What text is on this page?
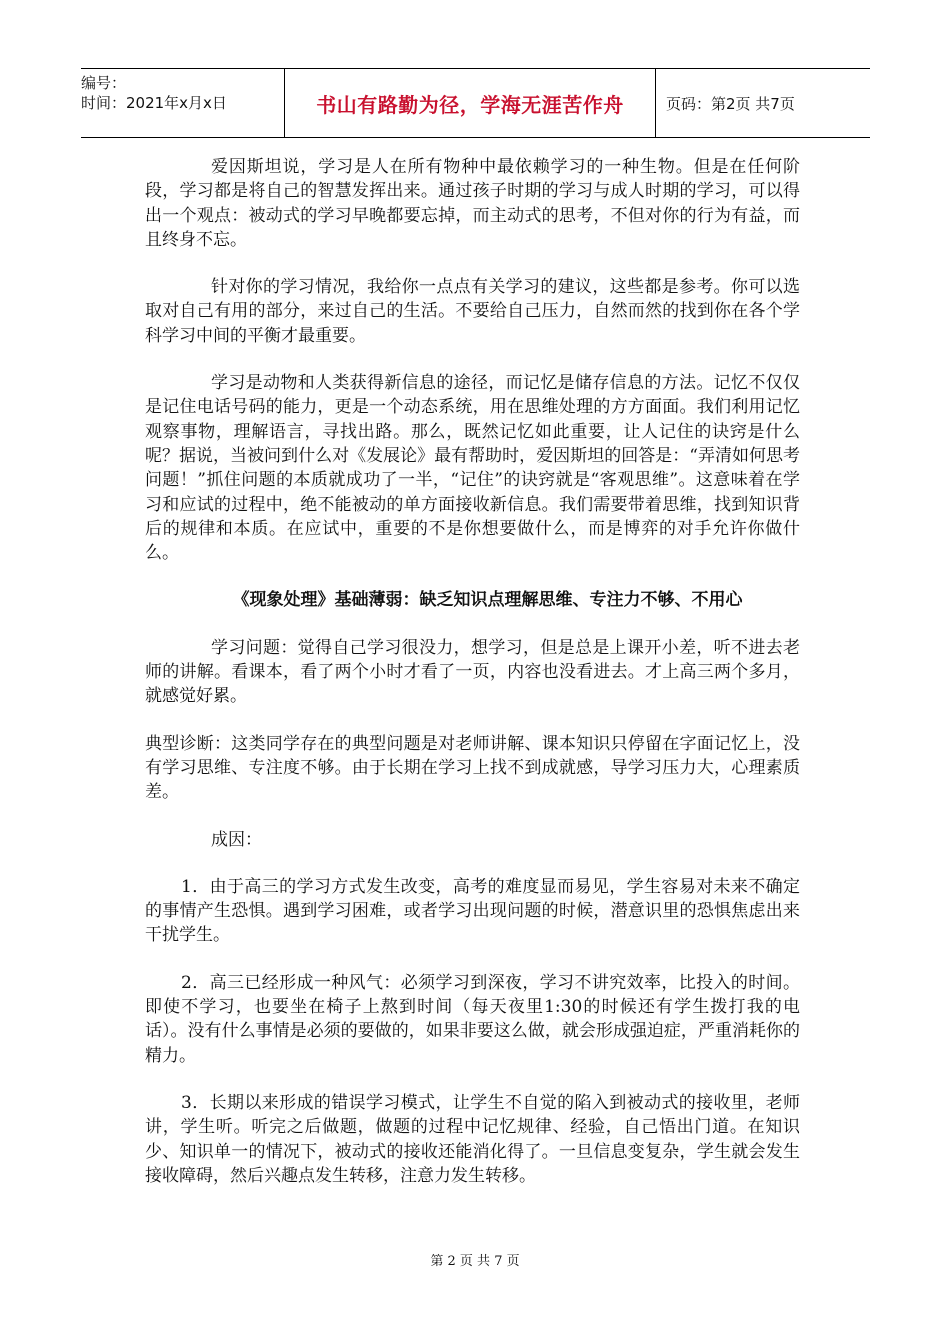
编号：
时间：2021年x月x日	书山有路勤为径，学海无涯苦作舟	页码：第2页 共7页

爱因斯坦说，学习是人在所有物种中最依赖学习的一种生物。但是在任何阶段，学习都是将自己的智慧发挥出来。通过孩子时期的学习与成人时期的学习，可以得出一个观点：被动式的学习早晚都要忘掉，而主动式的思考，不但对你的行为有益，而且终身不忘。

针对你的学习情况，我给你一点点有关学习的建议，这些都是参考。你可以选取对自己有用的部分，来过自己的生活。不要给自己压力，自然而然的找到你在各个学科学习中间的平衡才最重要。

学习是动物和人类获得新信息的途径，而记忆是储存信息的方法。记忆不仅仅是记住电话号码的能力，更是一个动态系统，用在思维处理的方方面面。我们利用记忆观察事物，理解语言，寻找出路。那么，既然记忆如此重要，让人记住的诀窍是什么呢？据说，当被问到什么对《发展论》最有帮助时，爱因斯坦的回答是：“弄清如何思考问题！”抓住问题的本质就成功了一半，“记住”的诀窍就是“客观思维”。这意味着在学习和应试的过程中，绝不能被动的单方面接收新信息。我们需要带着思维，找到知识背后的规律和本质。在应试中，重要的不是你想要做什么，而是博弈的对手允许你做什么。

《现象处理》基础薄弱：缺乏知识点理解思维、专注力不够、不用心

学习问题：觉得自己学习很没力，想学习，但是总是上课开小差，听不进去老师的讲解。看课本，看了两个小时才看了一页，内容也没看进去。才上高三两个多月，就感觉好累。

典型诊断：这类同学存在的典型问题是对老师讲解、课本知识只停留在字面记忆上，没有学习思维、专注度不够。由于长期在学习上找不到成就感，导学习压力大，心理素质差。

成因：

1．由于高三的学习方式发生改变，高考的难度显而易见，学生容易对未来不确定的事情产生恐惧。遇到学习困难，或者学习出现问题的时候，潜意识里的恐惧焦虑出来干扰学生。

2．高三已经形成一种风气：必须学习到深夜，学习不讲究效率，比投入的时间。即使不学习，也要坐在椅子上熬到时间（每天夜里1:30的时候还有学生拨打我的电话）。没有什么事情是必须的要做的，如果非要这么做，就会形成强迫症，严重消耗你的精力。

3．长期以来形成的错误学习模式，让学生不自觉的陷入到被动式的接收里，老师讲，学生听。听完之后做题，做题的过程中记忆规律、经验，自己悟出门道。在知识少、知识单一的情况下，被动式的接收还能消化得了。一旦信息变复杂，学生就会发生接收障碍，然后兴趣点发生转移，注意力发生转移。

第 2 页 共 7 页
